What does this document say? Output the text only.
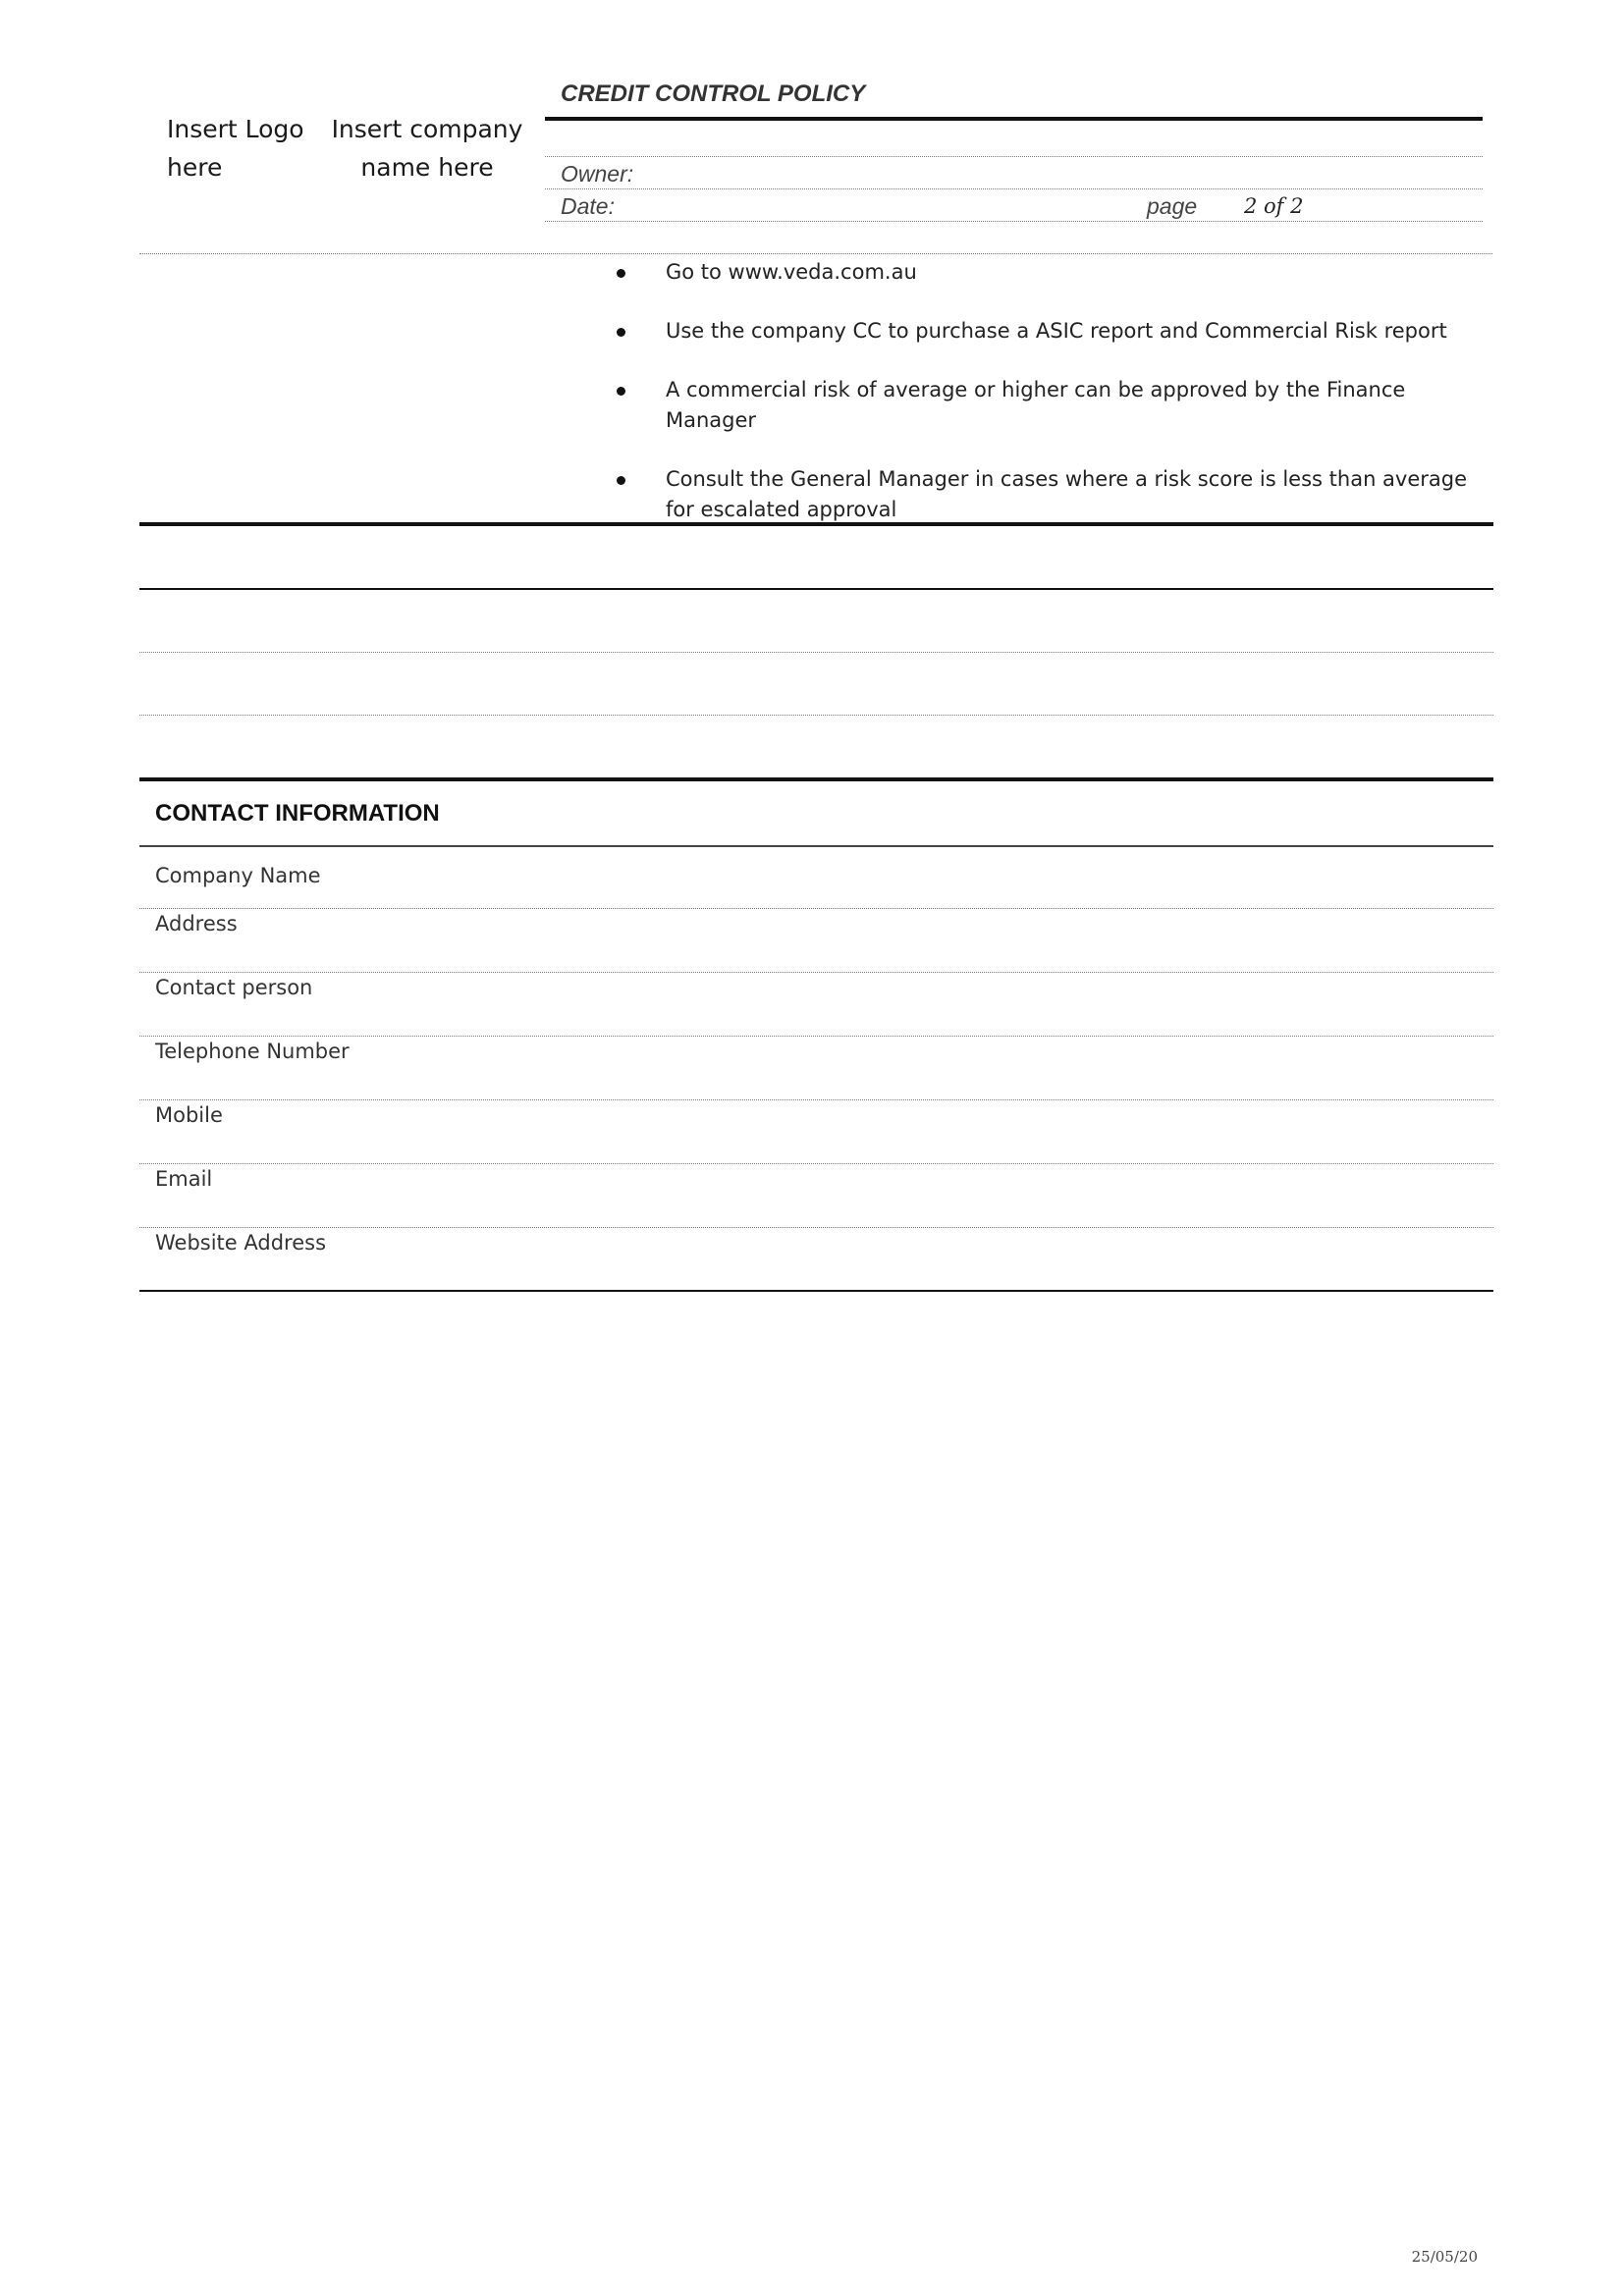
Insert Logo here
Insert company name here
CREDIT CONTROL POLICY
Owner:
Date:	page 2 of 2
Go to www.veda.com.au
Use the company CC to purchase a ASIC report and Commercial Risk report
A commercial risk of average or higher can be approved by the Finance Manager
Consult the General Manager in cases where a risk score is less than average for escalated approval
CONTACT INFORMATION
Company Name
Address
Contact person
Telephone Number
Mobile
Email
Website Address
25/05/20
